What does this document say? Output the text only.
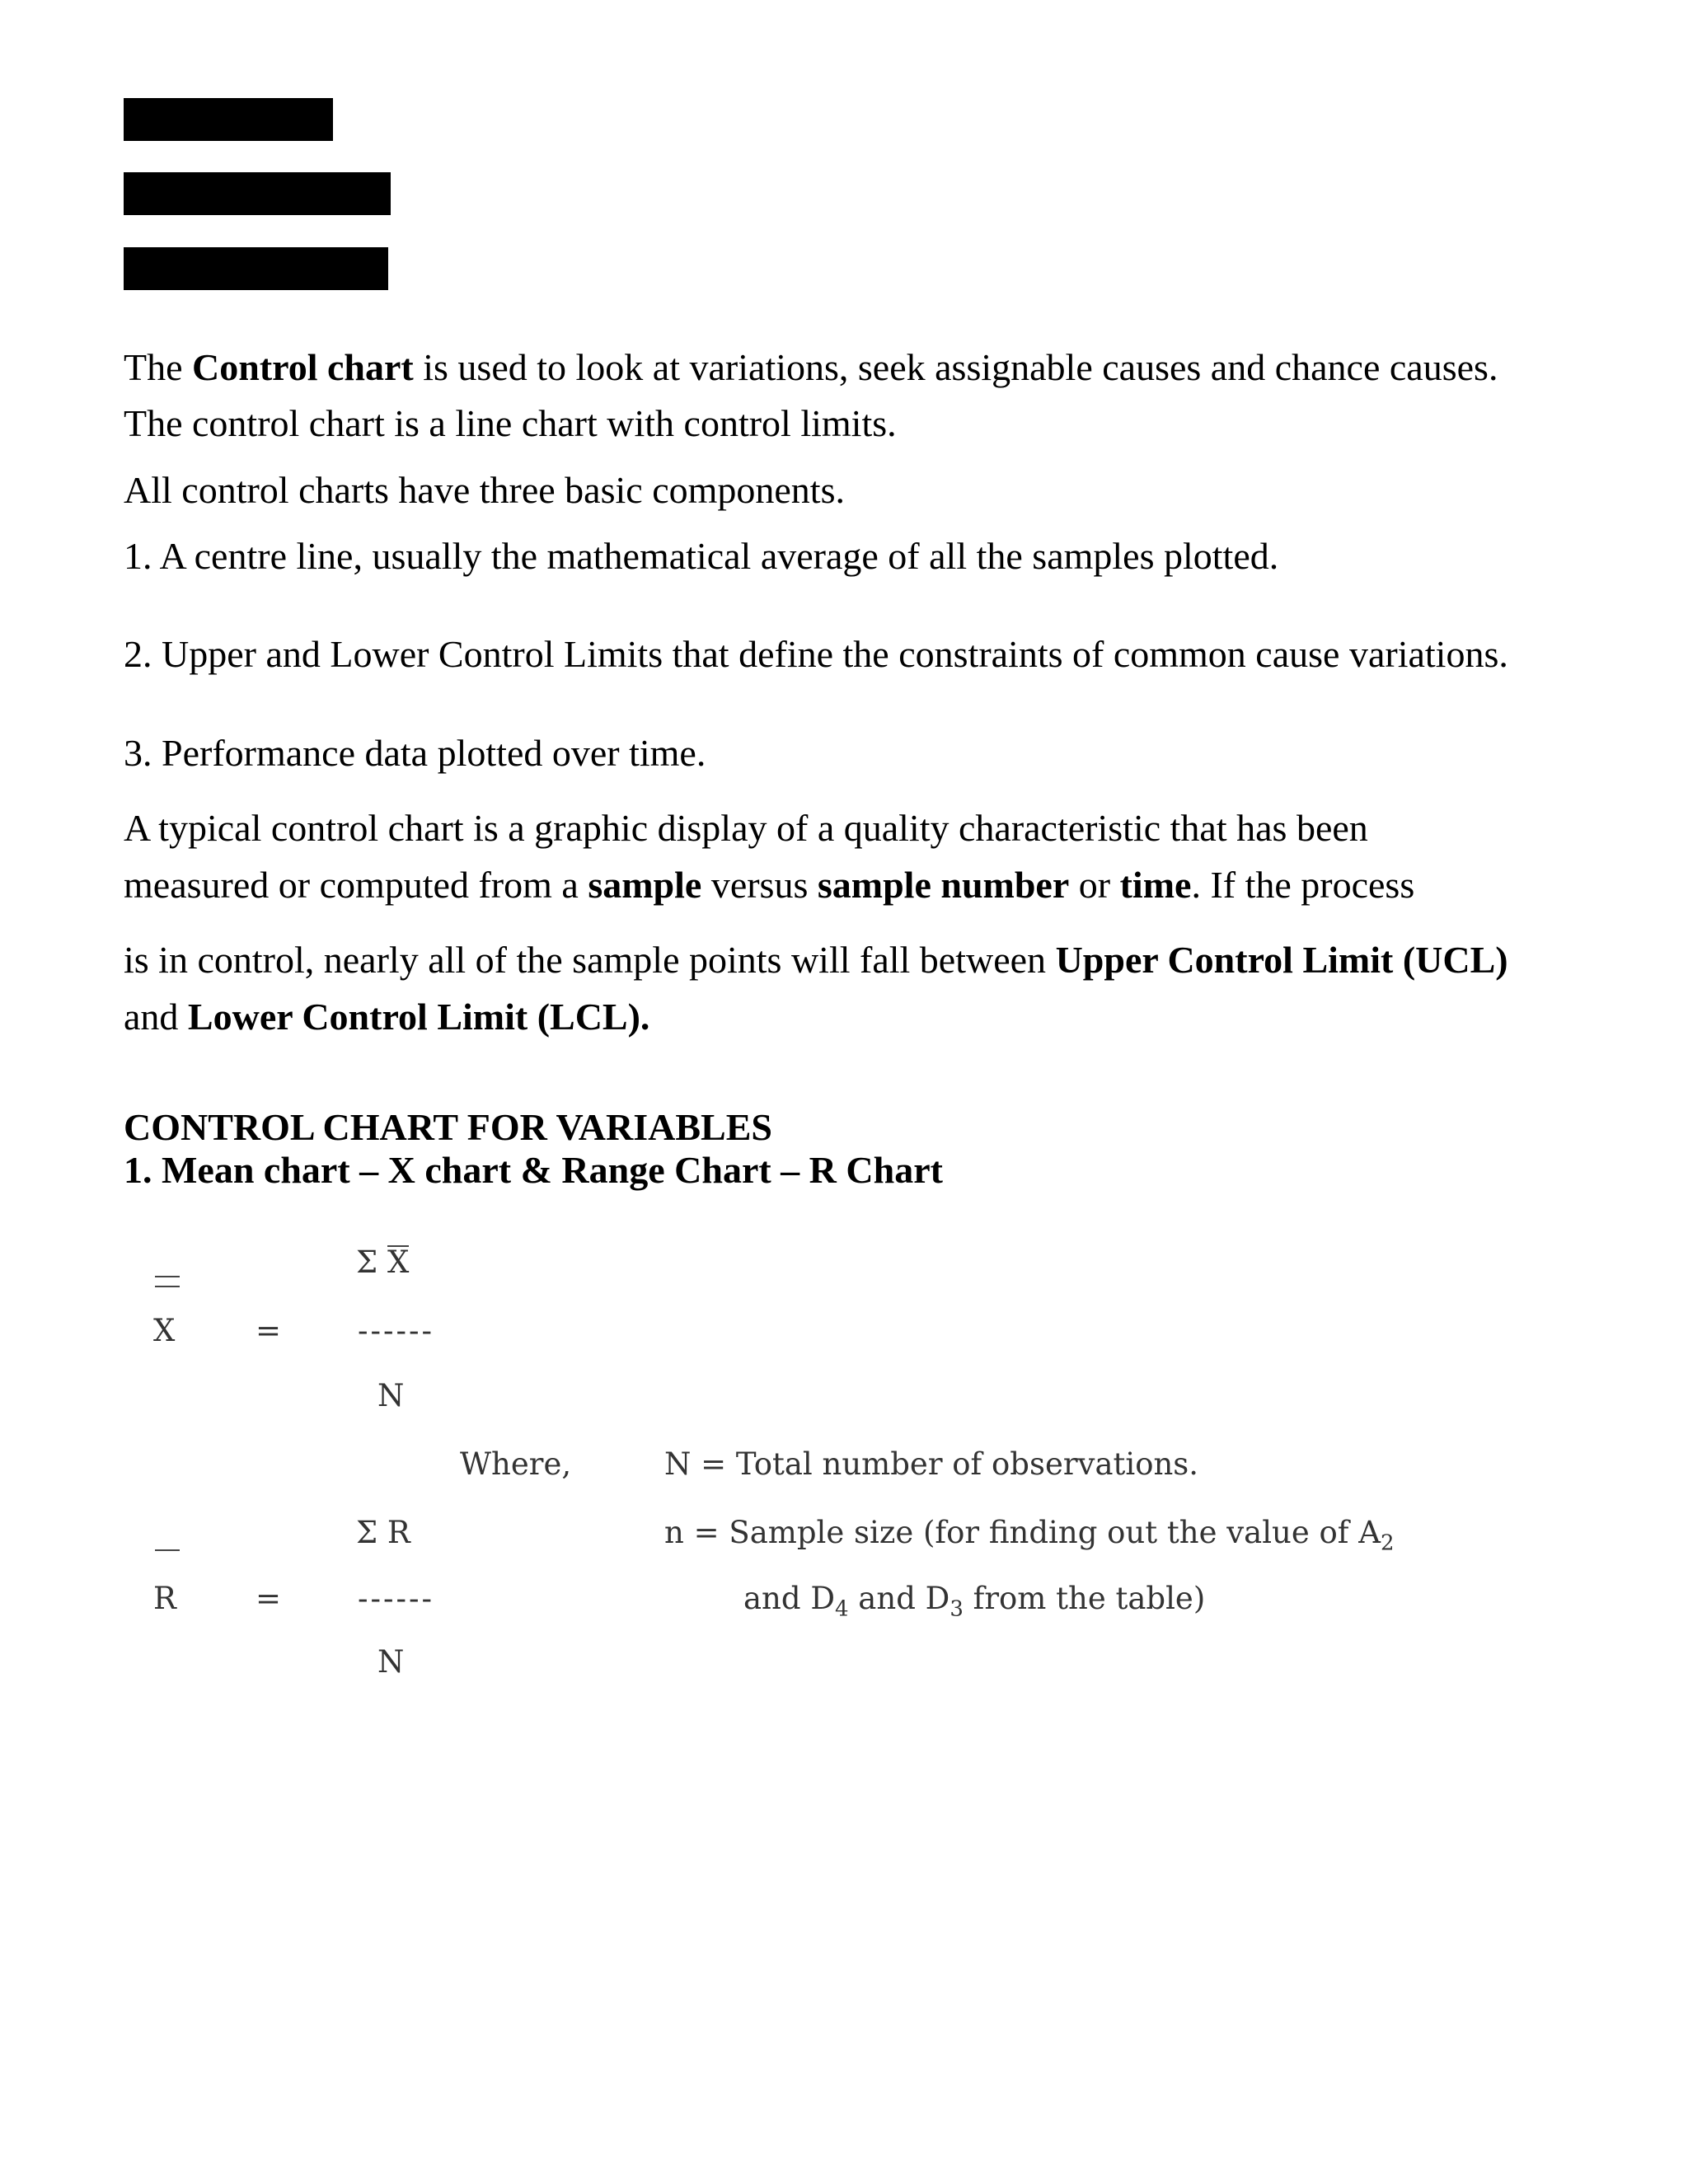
The Control chart is used to look at variations, seek assignable causes and chance causes.
The control chart is a line chart with control limits.
All control charts have three basic components.
1. A centre line, usually the mathematical average of all the samples plotted.
2. Upper and Lower Control Limits that define the constraints of common cause variations.
3. Performance data plotted over time.
A typical control chart is a graphic display of a quality characteristic that has been
measured or computed from a sample versus sample number or time. If the process
is in control, nearly all of the sample points will fall between Upper Control Limit (UCL)
and Lower Control Limit (LCL).
CONTROL CHART FOR VARIABLES
1. Mean chart – X chart & Range Chart – R Chart
X	=
Σ X
------
N
Where,	N = Total number of observations.
n = Sample size (for finding out the value of $A_2$
and $D_4$ and $D_3$ from the table)
R	=
Σ R
------
N
